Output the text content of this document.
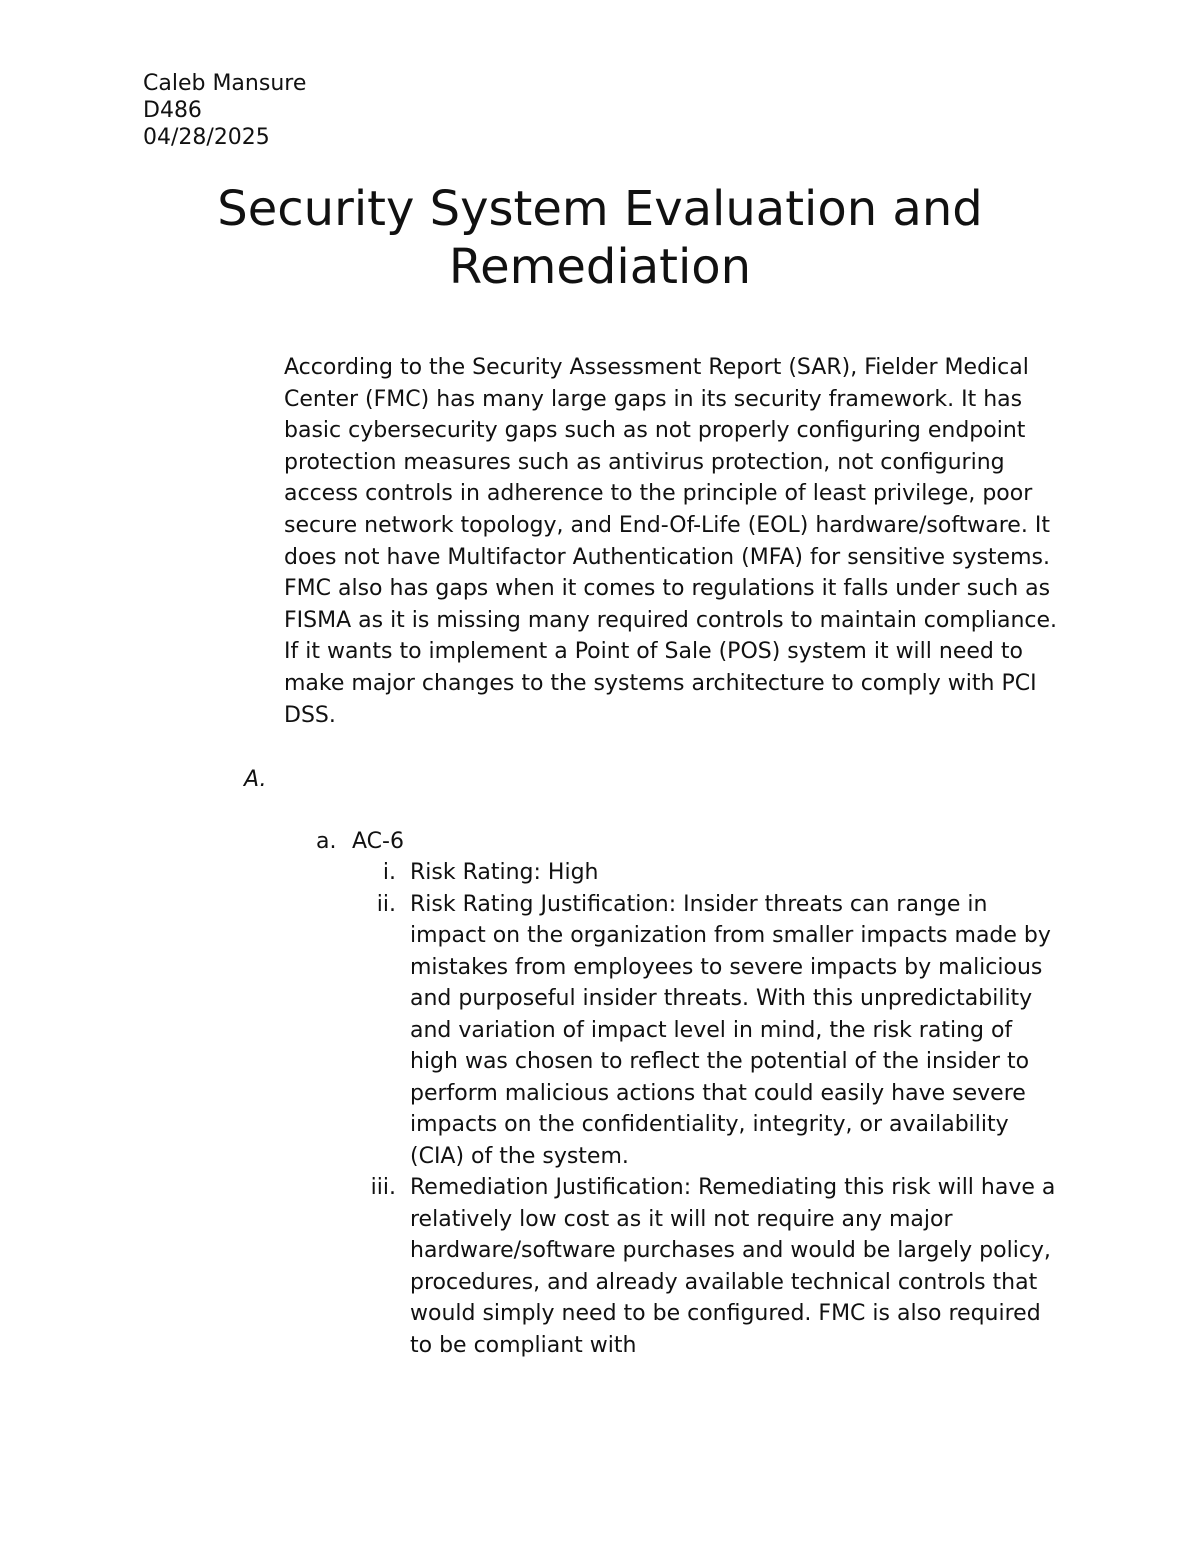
Caleb Mansure
D486
04/28/2025
Security System Evaluation and Remediation

According to the Security Assessment Report (SAR), Fielder Medical Center (FMC) has many large gaps in its security framework. It has basic cybersecurity gaps such as not properly configuring endpoint protection measures such as antivirus protection, not configuring access controls in adherence to the principle of least privilege, poor secure network topology, and End-Of-Life (EOL) hardware/software. It does not have Multifactor Authentication (MFA) for sensitive systems. FMC also has gaps when it comes to regulations it falls under such as FISMA as it is missing many required controls to maintain compliance. If it wants to implement a Point of Sale (POS) system it will need to make major changes to the systems architecture to comply with PCI DSS.

A.
a. AC-6
i. Risk Rating: High
ii. Risk Rating Justification: Insider threats can range in impact on the organization from smaller impacts made by mistakes from employees to severe impacts by malicious and purposeful insider threats. With this unpredictability and variation of impact level in mind, the risk rating of high was chosen to reflect the potential of the insider to perform malicious actions that could easily have severe impacts on the confidentiality, integrity, or availability (CIA) of the system.
iii. Remediation Justification: Remediating this risk will have a relatively low cost as it will not require any major hardware/software purchases and would be largely policy, procedures, and already available technical controls that would simply need to be configured. FMC is also required to be compliant with
